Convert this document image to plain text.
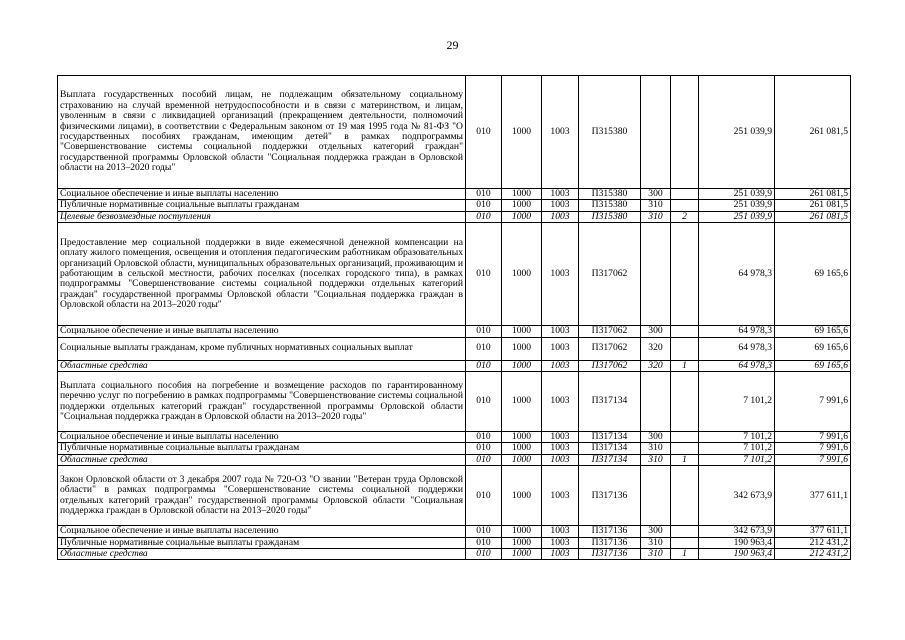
29
Выплата государственных пособий лицам, не подлежащим обязательному социальному страхованию на случай временной нетрудоспособности и в связи с материнством, и лицам, уволенным в связи с ликвидацией организаций (прекращением деятельности, полномочий физическими лицами), в соответствии с Федеральным законом от 19 мая 1995 года № 81-ФЗ "О государственных пособиях гражданам, имеющим детей" в рамках подпрограммы "Совершенствование системы социальной поддержки отдельных категорий граждан" государственной программы Орловской области "Социальная поддержка граждан в Орловской области на 2013–2020 годы"	010	1000	1003	П315380			251 039,9	261 081,5
Социальное обеспечение и иные выплаты населению	010	1000	1003	П315380	300		251 039,9	261 081,5
Публичные нормативные социальные выплаты гражданам	010	1000	1003	П315380	310		251 039,9	261 081,5
Целевые безвозмездные поступления	010	1000	1003	П315380	310	2	251 039,9	261 081,5
Предоставление мер социальной поддержки в виде ежемесячной денежной компенсации на оплату жилого помещения, освещения и отопления педагогическим работникам образовательных организаций Орловской области, муниципальных образовательных организаций, проживающим и работающим в сельской местности, рабочих поселках (поселках городского типа), в рамках подпрограммы "Совершенствование системы социальной поддержки отдельных категорий граждан" государственной программы Орловской области "Социальная поддержка граждан в Орловской области на 2013–2020 годы"	010	1000	1003	П317062			64 978,3	69 165,6
Социальное обеспечение и иные выплаты населению	010	1000	1003	П317062	300		64 978,3	69 165,6
Социальные выплаты гражданам, кроме публичных нормативных социальных выплат	010	1000	1003	П317062	320		64 978,3	69 165,6
Областные средства	010	1000	1003	П317062	320	1	64 978,3	69 165,6
Выплата социального пособия на погребение и возмещение расходов по гарантированному перечню услуг по погребению в рамках подпрограммы "Совершенствование системы социальной поддержки отдельных категорий граждан" государственной программы Орловской области "Социальная поддержка граждан в Орловской области на 2013–2020 годы"	010	1000	1003	П317134			7 101,2	7 991,6
Социальное обеспечение и иные выплаты населению	010	1000	1003	П317134	300		7 101,2	7 991,6
Публичные нормативные социальные выплаты гражданам	010	1000	1003	П317134	310		7 101,2	7 991,6
Областные средства	010	1000	1003	П317134	310	1	7 101,2	7 991,6
Закон Орловской области от 3 декабря 2007 года № 720-ОЗ "О звании "Ветеран труда Орловской области" в рамках подпрограммы "Совершенствование системы социальной поддержки отдельных категорий граждан" государственной программы Орловской области "Социальная поддержка граждан в Орловской области на 2013–2020 годы"	010	1000	1003	П317136			342 673,9	377 611,1
Социальное обеспечение и иные выплаты населению	010	1000	1003	П317136	300		342 673,9	377 611,1
Публичные нормативные социальные выплаты гражданам	010	1000	1003	П317136	310		190 963,4	212 431,2
Областные средства	010	1000	1003	П317136	310	1	190 963,4	212 431,2
